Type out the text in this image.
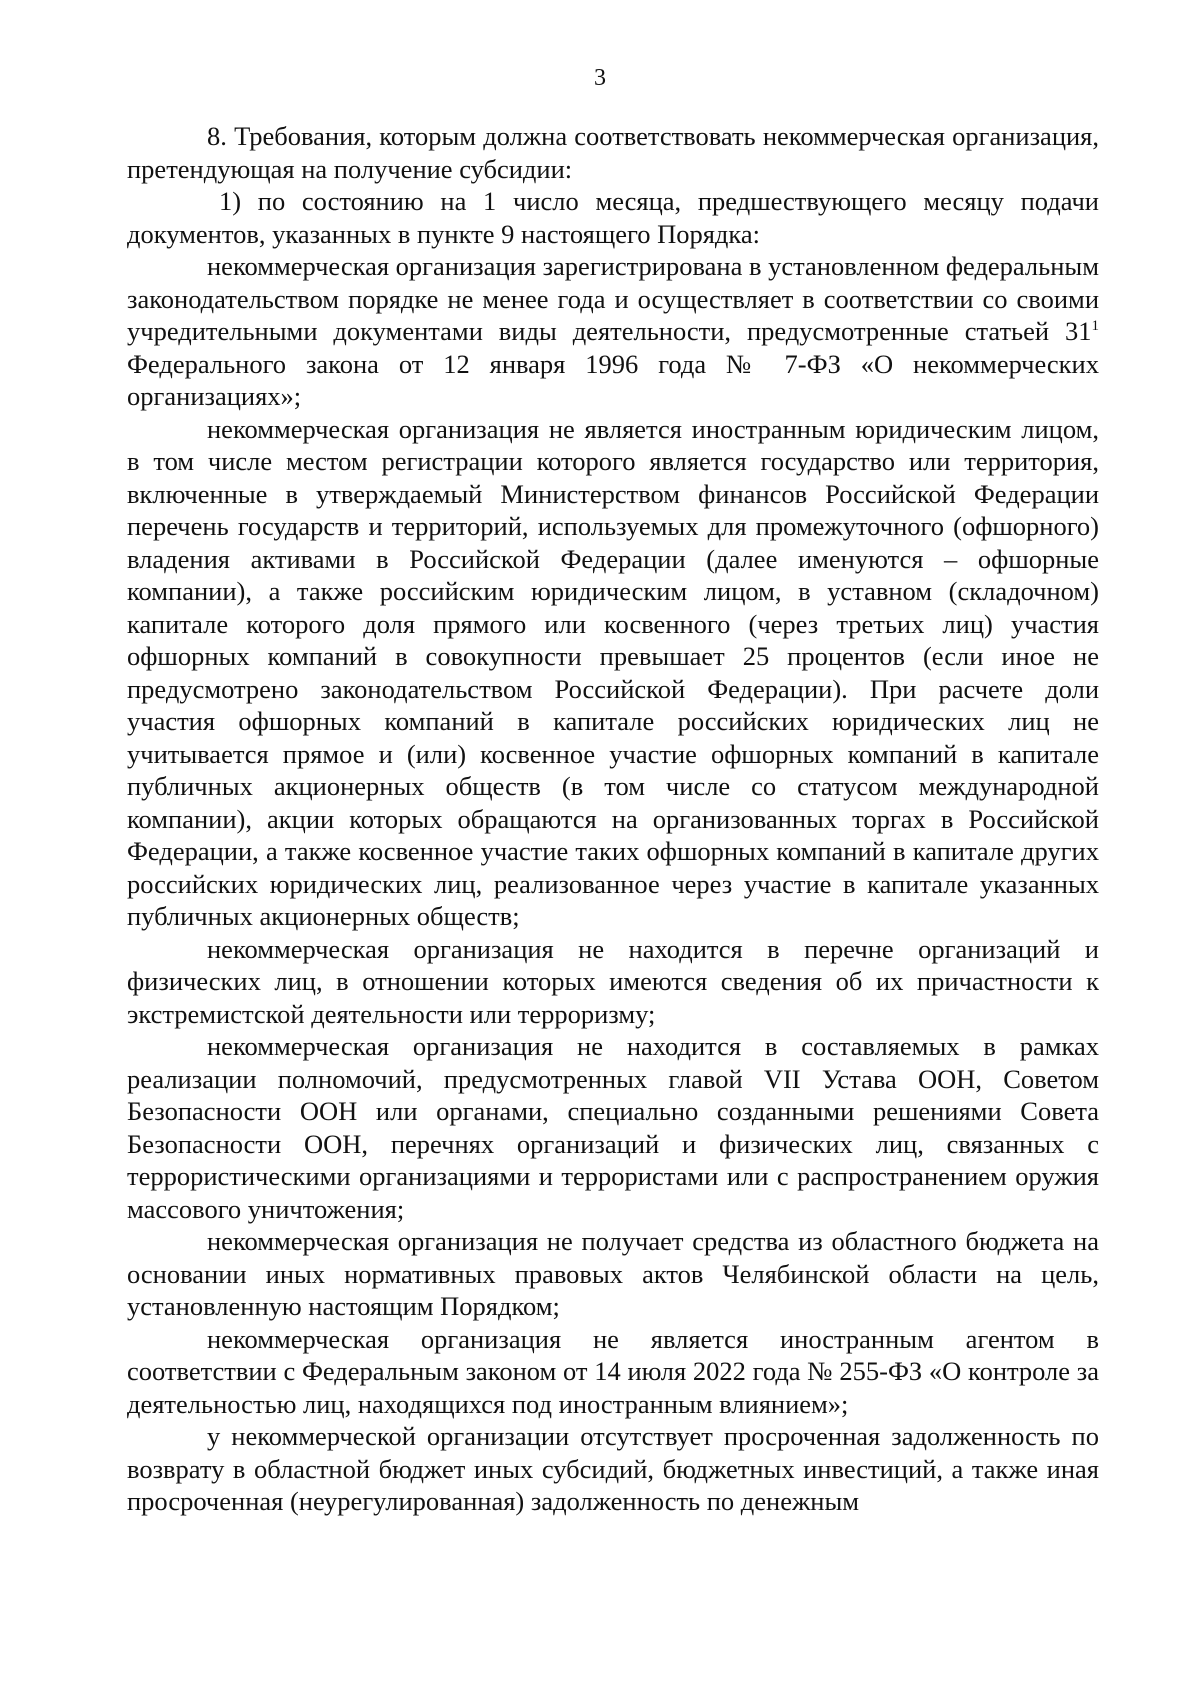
3

8. Требования, которым должна соответствовать некоммерческая организация, претендующая на получение субсидии:

1) по состоянию на 1 число месяца, предшествующего месяцу подачи документов, указанных в пункте 9 настоящего Порядка:

некоммерческая организация зарегистрирована в установленном федеральным законодательством порядке не менее года и осуществляет в соответствии со своими учредительными документами виды деятельности, предусмотренные статьей $31^1$ Федерального закона от 12 января 1996 года № 7-ФЗ «О некоммерческих организациях»;

некоммерческая организация не является иностранным юридическим лицом, в том числе местом регистрации которого является государство или территория, включенные в утверждаемый Министерством финансов Российской Федерации перечень государств и территорий, используемых для промежуточного (офшорного) владения активами в Российской Федерации (далее именуются – офшорные компании), а также российским юридическим лицом, в уставном (складочном) капитале которого доля прямого или косвенного (через третьих лиц) участия офшорных компаний в совокупности превышает 25 процентов (если иное не предусмотрено законодательством Российской Федерации). При расчете доли участия офшорных компаний в капитале российских юридических лиц не учитывается прямое и (или) косвенное участие офшорных компаний в капитале публичных акционерных обществ (в том числе со статусом международной компании), акции которых обращаются на организованных торгах в Российской Федерации, а также косвенное участие таких офшорных компаний в капитале других российских юридических лиц, реализованное через участие в капитале указанных публичных акционерных обществ;

некоммерческая организация не находится в перечне организаций и физических лиц, в отношении которых имеются сведения об их причастности к экстремистской деятельности или терроризму;

некоммерческая организация не находится в составляемых в рамках реализации полномочий, предусмотренных главой VII Устава ООН, Советом Безопасности ООН или органами, специально созданными решениями Совета Безопасности ООН, перечнях организаций и физических лиц, связанных с террористическими организациями и террористами или с распространением оружия массового уничтожения;

некоммерческая организация не получает средства из областного бюджета на основании иных нормативных правовых актов Челябинской области на цель, установленную настоящим Порядком;

некоммерческая организация не является иностранным агентом в соответствии с Федеральным законом от 14 июля 2022 года № 255-ФЗ «О контроле за деятельностью лиц, находящихся под иностранным влиянием»;

у некоммерческой организации отсутствует просроченная задолженность по возврату в областной бюджет иных субсидий, бюджетных инвестиций, а также иная просроченная (неурегулированная) задолженность по денежным
